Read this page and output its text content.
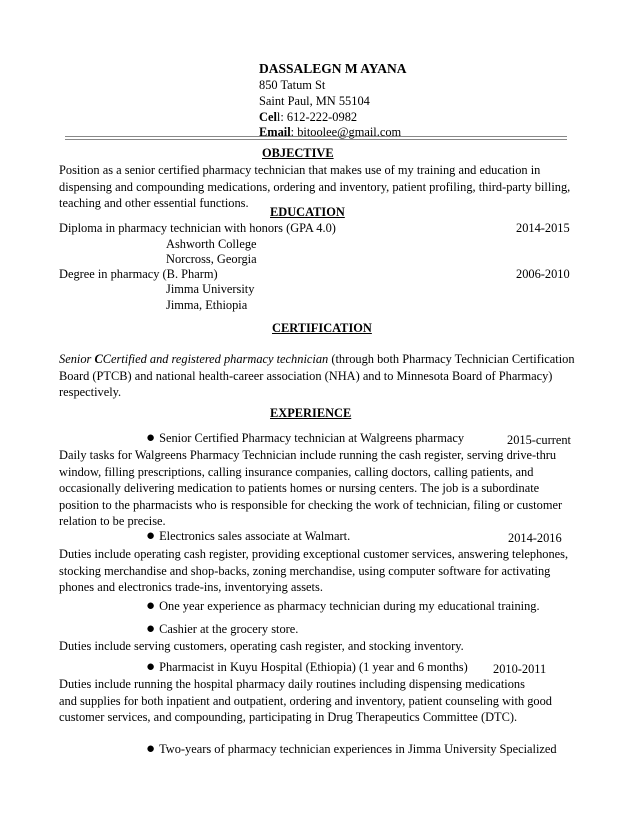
DASSALEGN M AYANA
850 Tatum St
Saint Paul, MN 55104
Cell: 612-222-0982
Email: bitoolee@gmail.com
OBJECTIVE
Position as a senior certified pharmacy technician that makes use of my training and education in
dispensing and compounding medications, ordering and inventory, patient profiling, third-party billing,
teaching and other essential functions.
EDUCATION
Diploma in pharmacy technician with honors (GPA 4.0)	2014-2015
Ashworth College
Norcross, Georgia
Degree in pharmacy (B. Pharm)	2006-2010
Jimma University
Jimma, Ethiopia
CERTIFICATION
Senior CCertified and registered pharmacy technician (through both Pharmacy Technician Certification
Board (PTCB) and national health-career association (NHA) and to Minnesota Board of Pharmacy)
respectively.
EXPERIENCE
● Senior Certified Pharmacy technician at Walgreens pharmacy	2015-current
Daily tasks for Walgreens Pharmacy Technician include running the cash register, serving drive-thru
window, filling prescriptions, calling insurance companies, calling doctors, calling patients, and
occasionally delivering medication to patients homes or nursing centers. The job is a subordinate
position to the pharmacists who is responsible for checking the work of technician, filing or customer
relation to be precise.
● Electronics sales associate at Walmart.	2014-2016
Duties include operating cash register, providing exceptional customer services, answering telephones,
stocking merchandise and shop-backs, zoning merchandise, using computer software for activating
phones and electronics trade-ins, inventorying assets.
● One year experience as pharmacy technician during my educational training.
● Cashier at the grocery store.
Duties include serving customers, operating cash register, and stocking inventory.
● Pharmacist in Kuyu Hospital (Ethiopia) (1 year and 6 months) 2010-2011
Duties include running the hospital pharmacy daily routines including dispensing medications
and supplies for both inpatient and outpatient, ordering and inventory, patient counseling with good
customer services, and compounding, participating in Drug Therapeutics Committee (DTC).
● Two-years of pharmacy technician experiences in Jimma University Specialized
